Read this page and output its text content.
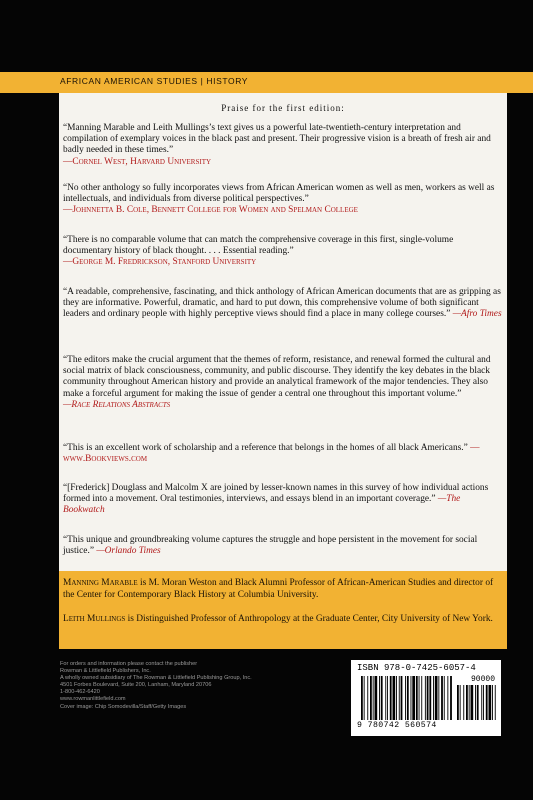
AFRICAN AMERICAN STUDIES | HISTORY
Praise for the first edition:
“Manning Marable and Leith Mullings’s text gives us a powerful late-twentieth-century interpretation and compilation of exemplary voices in the black past and present. Their progressive vision is a breath of fresh air and badly needed in these times.”
—Cornel West, Harvard University
“No other anthology so fully incorporates views from African American women as well as men, workers as well as intellectuals, and individuals from diverse political perspectives.”
—Johnnetta B. Cole, Bennett College for Women and Spelman College
“There is no comparable volume that can match the comprehensive coverage in this first, single-volume documentary history of black thought. . . . Essential reading.”
—George M. Fredrickson, Stanford University
“A readable, comprehensive, fascinating, and thick anthology of African American documents that are as gripping as they are informative. Powerful, dramatic, and hard to put down, this comprehensive volume of both significant leaders and ordinary people with highly perceptive views should find a place in many college courses.” —Afro Times
“The editors make the crucial argument that the themes of reform, resistance, and renewal formed the cultural and social matrix of black consciousness, community, and public discourse. They identify the key debates in the black community throughout American history and provide an analytical framework of the major tendencies. They also make a forceful argument for making the issue of gender a central one throughout this important volume.”
—Race Relations Abstracts
“This is an excellent work of scholarship and a reference that belongs in the homes of all black Americans.” —www.Bookviews.com
“[Frederick] Douglass and Malcolm X are joined by lesser-known names in this survey of how individual actions formed into a movement. Oral testimonies, interviews, and essays blend in an important coverage.” —The Bookwatch
“This unique and groundbreaking volume captures the struggle and hope persistent in the movement for social justice.” —Orlando Times

Manning Marable is M. Moran Weston and Black Alumni Professor of African-American Studies and director of the Center for Contemporary Black History at Columbia University.

Leith Mullings is Distinguished Professor of Anthropology at the Graduate Center, City University of New York.

For orders and information please contact the publisher
Rowman & Littlefield Publishers, Inc.
A wholly owned subsidiary of The Rowman & Littlefield Publishing Group, Inc.
4501 Forbes Boulevard, Suite 200, Lanham, Maryland 20706
1-800-462-6420
www.rowmanlittlefield.com
Cover image: Chip Somodevilla/Staff/Getty Images
ISBN 978-0-7425-6057-4
90000
9 780742 560574
